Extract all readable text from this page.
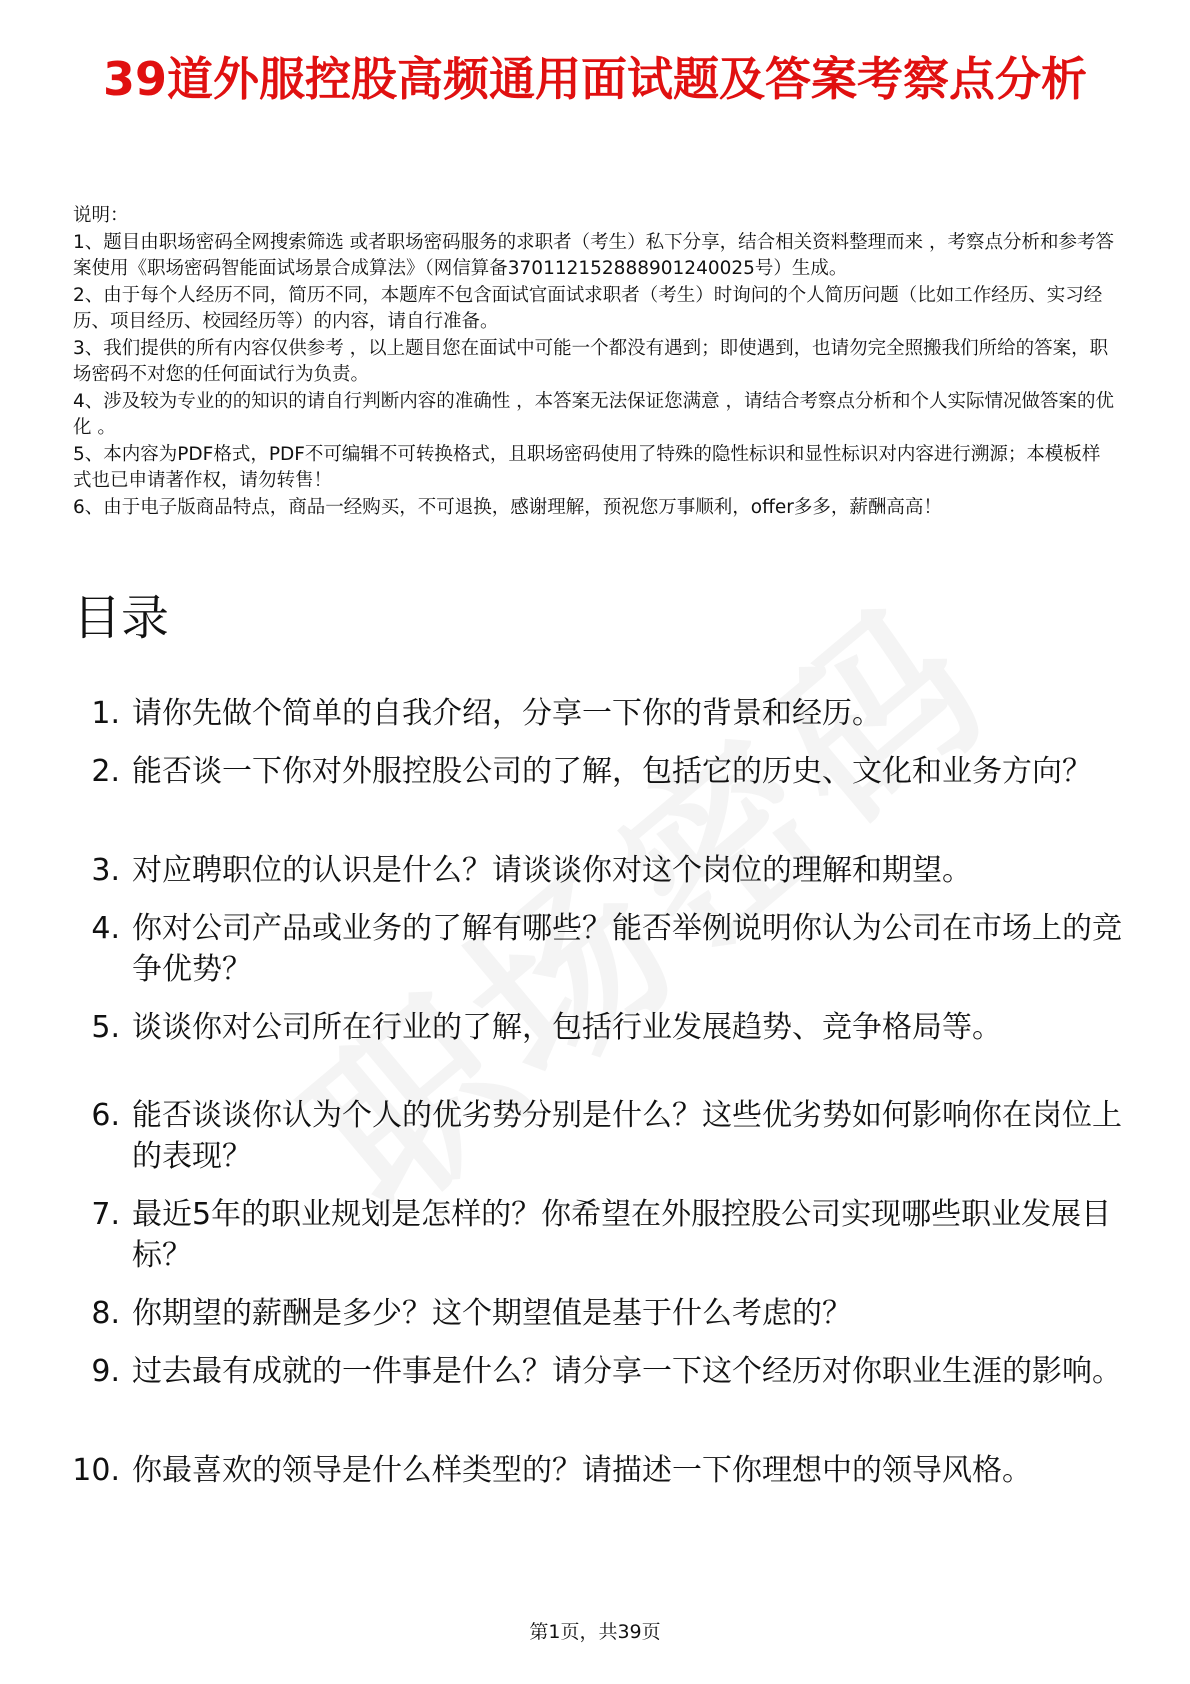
39道外服控股高频通用面试题及答案考察点分析

说明：

1、题目由职场密码全网搜索筛选 或者职场密码服务的求职者（考生）私下分享，结合相关资料整理而来 ，考察点分析和参考答案使用《职场密码智能面试场景合成算法》（网信算备370112152888901240025号）生成。

2、由于每个人经历不同，简历不同，本题库不包含面试官面试求职者（考生）时询问的个人简历问题（比如工作经历、实习经历、项目经历、校园经历等）的内容，请自行准备。

3、我们提供的所有内容仅供参考 ，以上题目您在面试中可能一个都没有遇到；即使遇到，也请勿完全照搬我们所给的答案，职场密码不对您的任何面试行为负责。

4、涉及较为专业的的知识的请自行判断内容的准确性 ，本答案无法保证您满意 ，请结合考察点分析和个人实际情况做答案的优化 。

5、本内容为PDF格式，PDF不可编辑不可转换格式，且职场密码使用了特殊的隐性标识和显性标识对内容进行溯源；本模板样式也已申请著作权，请勿转售！

6、由于电子版商品特点，商品一经购买，不可退换，感谢理解，预祝您万事顺利，offer多多，薪酬高高！

目录
1. 请你先做个简单的自我介绍，分享一下你的背景和经历。
2. 能否谈一下你对外服控股公司的了解，包括它的历史、文化和业务方向？
3. 对应聘职位的认识是什么？请谈谈你对这个岗位的理解和期望。
4. 你对公司产品或业务的了解有哪些？能否举例说明你认为公司在市场上的竞争优势？
5. 谈谈你对公司所在行业的了解，包括行业发展趋势、竞争格局等。
6. 能否谈谈你认为个人的优劣势分别是什么？这些优劣势如何影响你在岗位上的表现？
7. 最近5年的职业规划是怎样的？你希望在外服控股公司实现哪些职业发展目标？
8. 你期望的薪酬是多少？这个期望值是基于什么考虑的？
9. 过去最有成就的一件事是什么？请分享一下这个经历对你职业生涯的影响。
10. 你最喜欢的领导是什么样类型的？请描述一下你理想中的领导风格。
第1页，共39页
